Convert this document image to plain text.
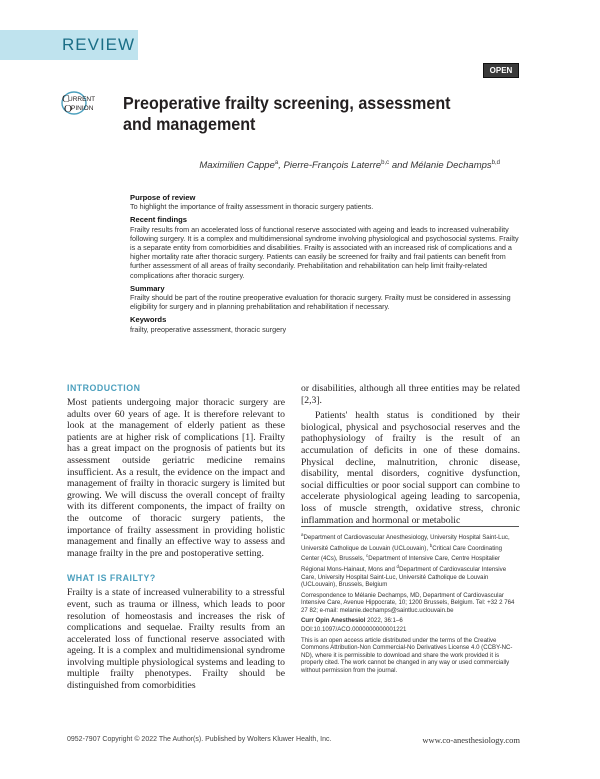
REVIEW
OPEN
C
URRENT
O PINION Preoperative frailty screening, assessment and management
Maximilien Cappe$^a$, Pierre-François Laterre$^{b,c}$ and Mélanie Dechamps$^{b,d}$
Purpose of review

To highlight the importance of frailty assessment in thoracic surgery patients.

Recent findings

Frailty results from an accelerated loss of functional reserve associated with ageing and leads to increased vulnerability following surgery. It is a complex and multidimensional syndrome involving physiological and psychosocial systems. Frailty is a separate entity from comorbidities and disabilities. Frailty is associated with an increased risk of complications and a higher mortality rate after thoracic surgery. Patients can easily be screened for frailty and frail patients can benefit from further assessment of all areas of frailty secondarily. Prehabilitation and rehabilitation can help limit frailty-related complications after thoracic surgery.

Summary

Frailty should be part of the routine preoperative evaluation for thoracic surgery. Frailty must be considered in assessing eligibility for surgery and in planning prehabilitation and rehabilitation if necessary.

Keywords

frailty, preoperative assessment, thoracic surgery

INTRODUCTION

Most patients undergoing major thoracic surgery are adults over 60 years of age. It is therefore relevant to look at the management of elderly patient as these patients are at higher risk of complications [1]. Frailty has a great impact on the prognosis of patients but its assessment outside geriatric medicine remains insufficient. As a result, the evidence on the impact and management of frailty in thoracic surgery is limited but growing. We will discuss the overall concept of frailty with its different components, the impact of frailty on the outcome of thoracic surgery patients, the importance of frailty assessment in providing holistic management and finally an effective way to assess and manage frailty in the pre and postoperative setting.

WHAT IS FRAILTY?

Frailty is a state of increased vulnerability to a stressful event, such as trauma or illness, which leads to poor resolution of homeostasis and increases the risk of complications and sequelae. Frailty results from an accelerated loss of functional reserve associated with ageing. It is a complex and multidimensional syndrome involving multiple physiological systems and leading to multiple frailty phenotypes. Frailty should be distinguished from comorbidities

or disabilities, although all three entities may be related [2,3].

Patients' health status is conditioned by their biological, physical and psychosocial reserves and the pathophysiology of frailty is the result of an accumulation of deficits in one of these domains. Physical decline, malnutrition, chronic disease, disability, mental disorders, cognitive dysfunction, social difficulties or poor social support can combine to accelerate physiological ageing leading to sarcopenia, loss of muscle strength, oxidative stress, chronic inflammation and hormonal or metabolic

$^a$Department of Cardiovascular Anesthesiology, University Hospital Saint-Luc, Université Catholique de Louvain (UCLouvain), $^b$Critical Care Coordinating Center (4Cs), Brussels, $^c$Department of Intensive Care, Centre Hospitalier Régional Mons-Hainaut, Mons and $^d$Department of Cardiovascular Intensive Care, University Hospital Saint-Luc, Université Catholique de Louvain (UCLouvain), Brussels, Belgium

Correspondence to Mélanie Dechamps, MD, Department of Cardiovascular Intensive Care, Avenue Hippocrate, 10; 1200 Brussels, Belgium. Tel: +32 2 764 27 82; e-mail: melanie.dechamps@saintluc.uclouvain.be

Curr Opin Anesthesiol 2022, 36:1–6

DOI:10.1097/ACO.0000000000001221

This is an open access article distributed under the terms of the Creative Commons Attribution-Non Commercial-No Derivatives License 4.0 (CCBY-NC-ND), where it is permissible to download and share the work provided it is properly cited. The work cannot be changed in any way or used commercially without permission from the journal.

0952-7907 Copyright © 2022 The Author(s). Published by Wolters Kluwer Health, Inc.	www.co-anesthesiology.com
